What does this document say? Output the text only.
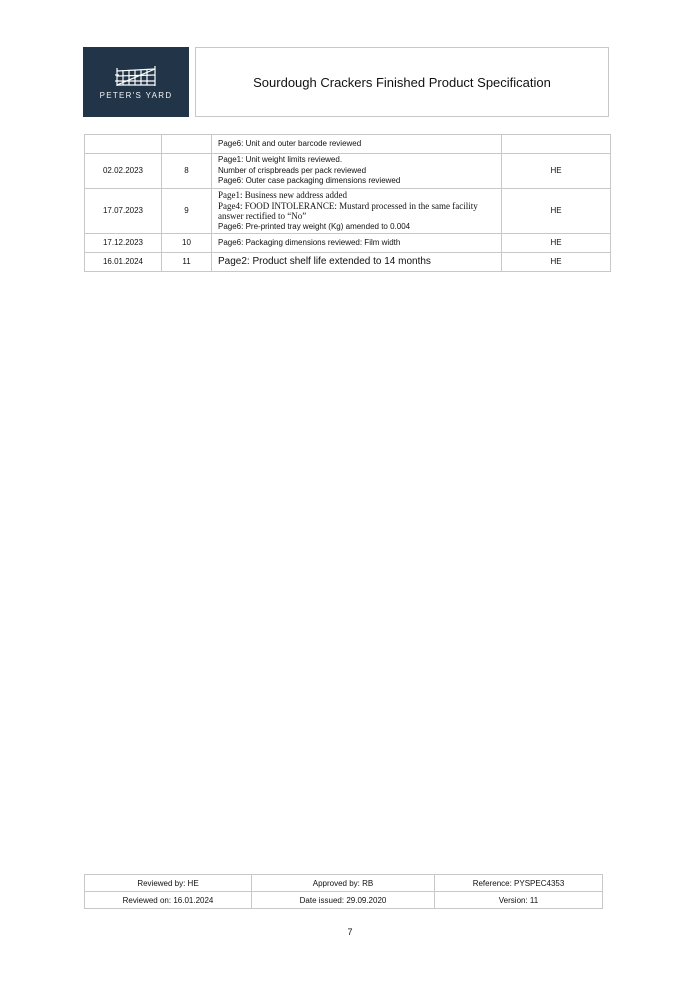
PETER'S YARD
Sourdough Crackers Finished Product Specification

		Page6: Unit and outer barcode reviewed	

02.02.2023	8	Page1: Unit weight limits reviewed.
Number of crispbreads per pack reviewed
Page6: Outer case packaging dimensions reviewed	HE
17.07.2023	9	Page1: Business new address added
Page4: FOOD INTOLERANCE: Mustard processed in the same facility
answer rectified to “No”
Page6: Pre-printed tray weight (Kg) amended to 0.004	HE
17.12.2023	10	Page6: Packaging dimensions reviewed: Film width	HE
16.01.2024	11	Page2: Product shelf life extended to 14 months	HE
Reviewed by: HE	Approved by: RB	Reference: PYSPEC4353
Reviewed on: 16.01.2024	Date issued: 29.09.2020	Version: 11
7
